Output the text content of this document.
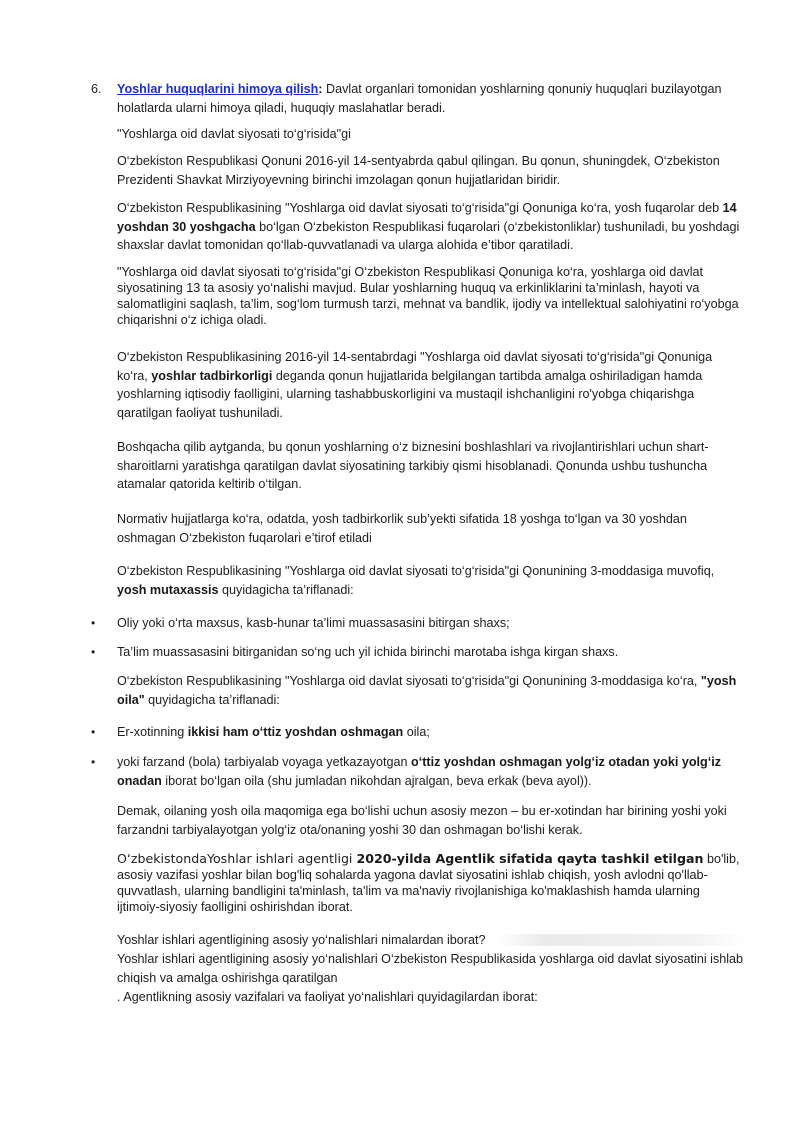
6. Yoshlar huquqlarini himoya qilish: Davlat organlari tomonidan yoshlarning qonuniy huquqlari buzilayotgan
holatlarda ularni himoya qiladi, huquqiy maslahatlar beradi.

"Yoshlarga oid davlat siyosati to‘g‘risida"gi

O‘zbekiston Respublikasi Qonuni 2016-yil 14-sentyabrda qabul qilingan. Bu qonun, shuningdek, O‘zbekiston Prezidenti Shavkat Mirziyoyevning birinchi imzolagan qonun hujjatlaridan biridir.

O‘zbekiston Respublikasining "Yoshlarga oid davlat siyosati to‘g‘risida"gi Qonuniga ko‘ra, yosh fuqarolar deb 14 yoshdan 30 yoshgacha bo‘lgan O‘zbekiston Respublikasi fuqarolari (o‘zbekistonliklar) tushuniladi, bu yoshdagi shaxslar davlat tomonidan qo‘llab-quvvatlanadi va ularga alohida e’tibor qaratiladi.

"Yoshlarga oid davlat siyosati to‘g‘risida"gi O‘zbekiston Respublikasi Qonuniga ko‘ra, yoshlarga oid davlat siyosatining 13 ta asosiy yo‘nalishi mavjud. Bular yoshlarning huquq va erkinliklarini ta’minlash, hayoti va salomatligini saqlash, ta’lim, sog‘lom turmush tarzi, mehnat va bandlik, ijodiy va intellektual salohiyatini ro‘yobga chiqarishni o‘z ichiga oladi.

O‘zbekiston Respublikasining 2016-yil 14-sentabrdagi "Yoshlarga oid davlat siyosati to‘g‘risida"gi Qonuniga ko‘ra, yoshlar tadbirkorligi deganda qonun hujjatlarida belgilangan tartibda amalga oshiriladigan hamda yoshlarning iqtisodiy faolligini, ularning tashabbuskorligini va mustaqil ishchanligini ro'yobga chiqarishga qaratilgan faoliyat tushuniladi.

Boshqacha qilib aytganda, bu qonun yoshlarning o‘z biznesini boshlashlari va rivojlantirishlari uchun shart-sharoitlarni yaratishga qaratilgan davlat siyosatining tarkibiy qismi hisoblanadi. Qonunda ushbu tushuncha atamalar qatorida keltirib o‘tilgan.

Normativ hujjatlarga ko‘ra, odatda, yosh tadbirkorlik sub’yekti sifatida 18 yoshga to‘lgan va 30 yoshdan oshmagan O‘zbekiston fuqarolari e’tirof etiladi

O‘zbekiston Respublikasining "Yoshlarga oid davlat siyosati to‘g‘risida"gi Qonunining 3-moddasiga muvofiq, yosh mutaxassis quyidagicha ta’riflanadi:

• Oliy yoki o‘rta maxsus, kasb-hunar ta’limi muassasasini bitirgan shaxs;

• Ta’lim muassasasini bitirganidan so‘ng uch yil ichida birinchi marotaba ishga kirgan shaxs.

O‘zbekiston Respublikasining "Yoshlarga oid davlat siyosati to‘g‘risida"gi Qonunining 3-moddasiga ko‘ra, "yosh oila" quyidagicha ta’riflanadi:

• Er-xotinning ikkisi ham o‘ttiz yoshdan oshmagan oila;

• yoki farzand (bola) tarbiyalab voyaga yetkazayotgan o‘ttiz yoshdan oshmagan yolg‘iz otadan yoki yolg‘iz onadan iborat bo‘lgan oila (shu jumladan nikohdan ajralgan, beva erkak (beva ayol)).

Demak, oilaning yosh oila maqomiga ega bo‘lishi uchun asosiy mezon – bu er-xotindan har birining yoshi yoki farzandni tarbiyalayotgan yolg‘iz ota/onaning yoshi 30 dan oshmagan bo‘lishi kerak.

O‘zbekistondaYoshlar ishlari agentligi 2020-yilda Agentlik sifatida qayta tashkil etilgan bo'lib, asosiy vazifasi yoshlar bilan bog'liq sohalarda yagona davlat siyosatini ishlab chiqish, yosh avlodni qo'llab-quvvatlash, ularning bandligini ta'minlash, ta'lim va ma'naviy rivojlanishiga ko'maklashish hamda ularning ijtimoiy-siyosiy faolligini oshirishdan iborat.

Yoshlar ishlari agentligining asosiy yo‘nalishlari nimalardan iborat?

Yoshlar ishlari agentligining asosiy yo‘nalishlari O‘zbekiston Respublikasida yoshlarga oid davlat siyosatini ishlab chiqish va amalga oshirishga qaratilgan

. Agentlikning asosiy vazifalari va faoliyat yo‘nalishlari quyidagilardan iborat:
